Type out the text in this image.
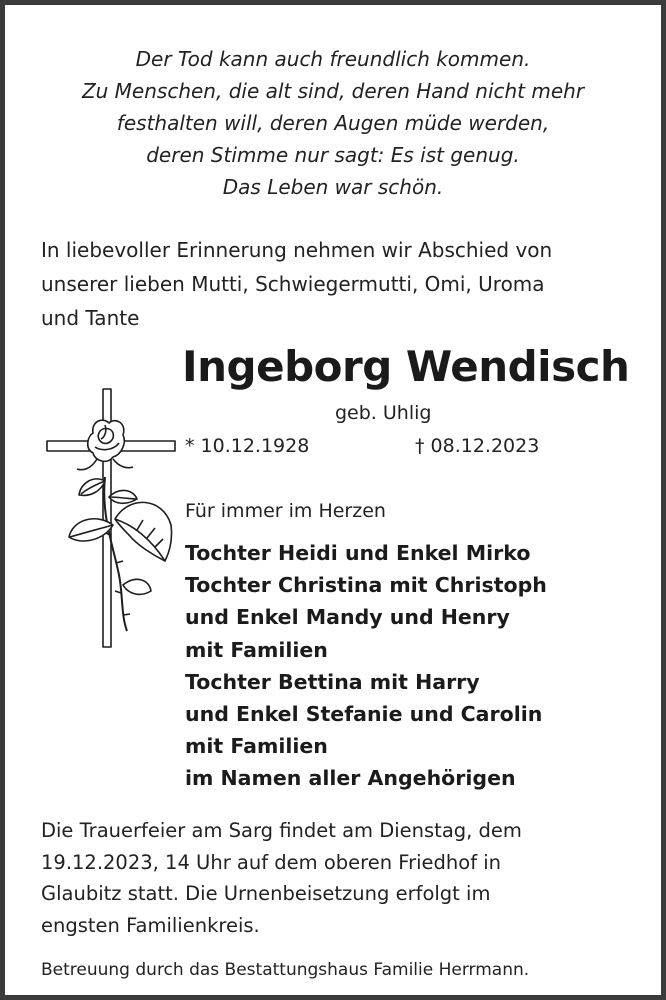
Der Tod kann auch freundlich kommen.
Zu Menschen, die alt sind, deren Hand nicht mehr
festhalten will, deren Augen müde werden,
deren Stimme nur sagt: Es ist genug.
Das Leben war schön.
In liebevoller Erinnerung nehmen wir Abschied von
unserer lieben Mutti, Schwiegermutti, Omi, Uroma
und Tante
Ingeborg Wendisch
geb. Uhlig
* 10.12.1928	† 08.12.2023
Für immer im Herzen
Tochter Heidi und Enkel Mirko
Tochter Christina mit Christoph
und Enkel Mandy und Henry
mit Familien
Tochter Bettina mit Harry
und Enkel Stefanie und Carolin
mit Familien
im Namen aller Angehörigen
Die Trauerfeier am Sarg findet am Dienstag, dem
19.12.2023, 14 Uhr auf dem oberen Friedhof in
Glaubitz statt. Die Urnenbeisetzung erfolgt im
engsten Familienkreis.
Betreuung durch das Bestattungshaus Familie Herrmann.
